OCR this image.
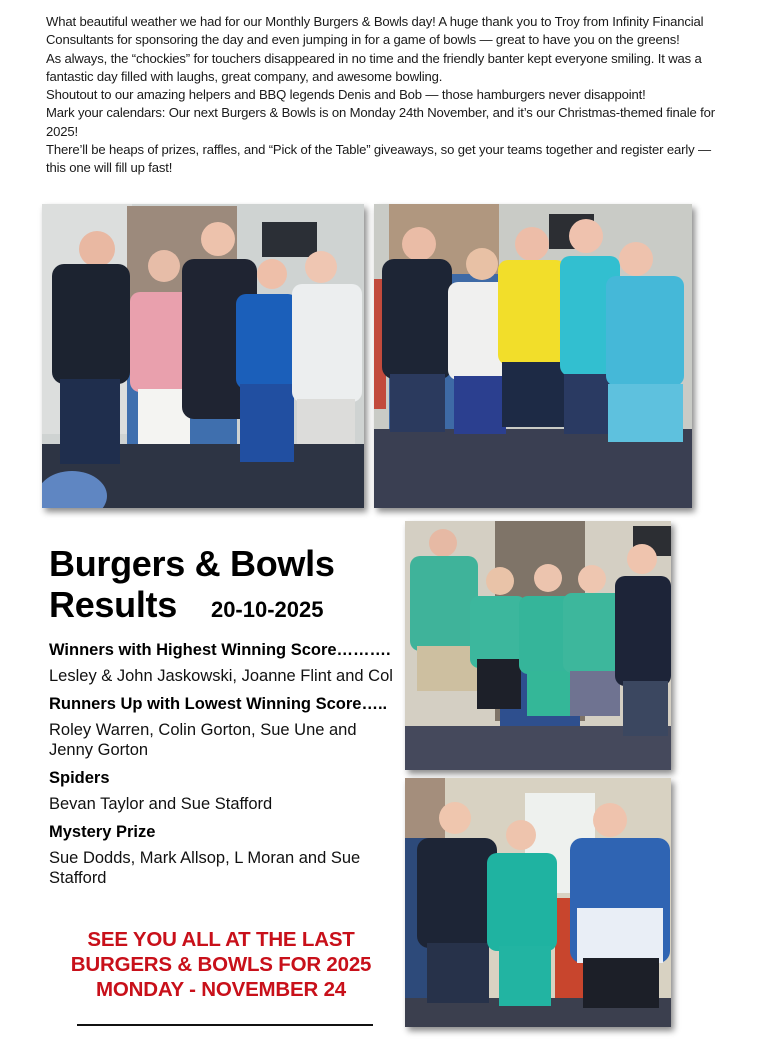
What beautiful weather we had for our Monthly Burgers & Bowls day! A huge thank you to Troy from Infinity Financial Consultants for sponsoring the day and even jumping in for a game of bowls — great to have you on the greens!

As always, the “chockies” for touchers disappeared in no time and the friendly banter kept everyone smiling. It was a fantastic day filled with laughs, great company, and awesome bowling.

Shoutout to our amazing helpers and BBQ legends Denis and Bob — those hamburgers never disappoint!

Mark your calendars: Our next Burgers & Bowls is on Monday 24th November, and it’s our Christmas-themed finale for 2025!

There’ll be heaps of prizes, raffles, and “Pick of the Table” giveaways, so get your teams together and register early — this one will fill up fast!

Burgers & Bowls
Results 20-10-2025
Winners with Highest Winning Score……….
Lesley & John Jaskowski, Joanne Flint and Col
Runners Up with Lowest Winning Score…..
Roley Warren, Colin Gorton, Sue Une and Jenny Gorton
Spiders
Bevan Taylor and Sue Stafford
Mystery Prize
Sue Dodds, Mark Allsop, L Moran and Sue Stafford
SEE YOU ALL AT THE LAST
BURGERS & BOWLS FOR 2025
MONDAY - NOVEMBER 24
